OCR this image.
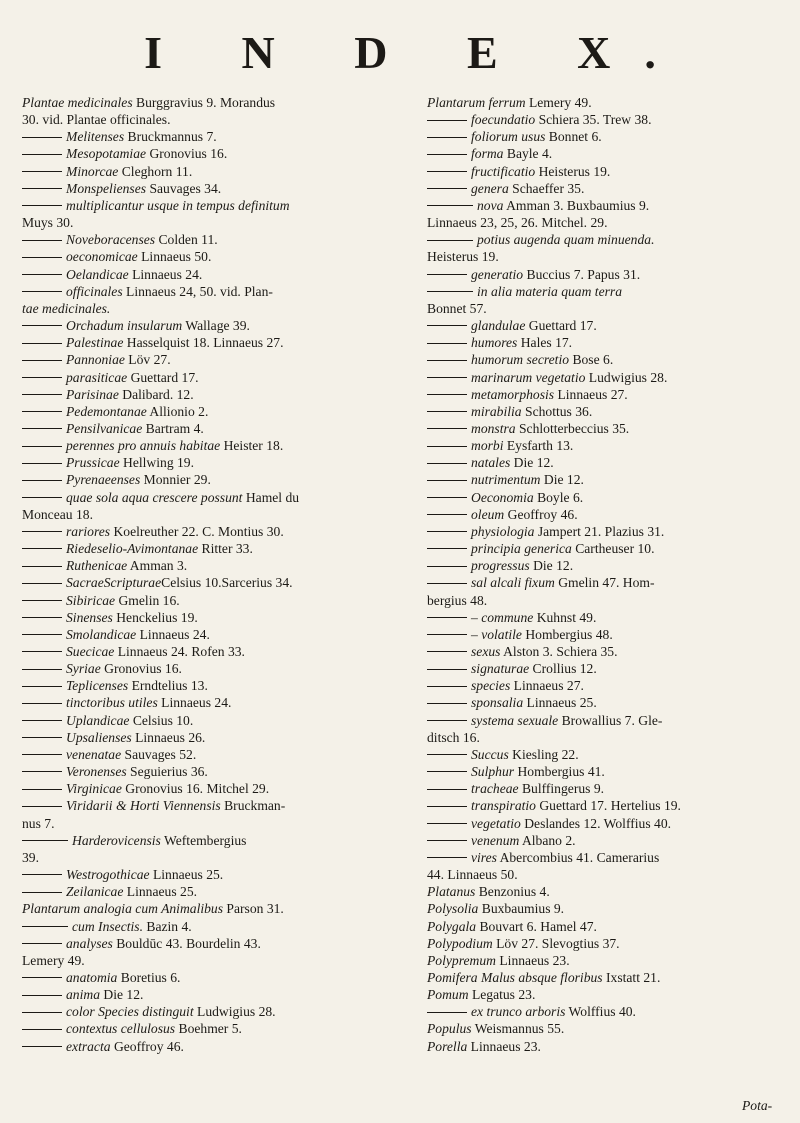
I N D E X.
Plantae medicinales Burggravius 9. Morandus
30. vid. Plantae officinales.
Melitenses Bruckmannus 7.
Mesopotamiae Gronovius 16.
Minorcae Cleghorn 11.
Monspelienses Sauvages 34.
multiplicantur usque in tempus definitum
Muys 30.
Noveboracenses Colden 11.
oeconomicae Linnaeus 50.
Oelandicae Linnaeus 24.
officinales Linnaeus 24, 50. vid. Plan-
tae medicinales.
Orchadum insularum Wallage 39.
Palestinae Hasselquist 18. Linnaeus 27.
Pannoniae Löv 27.
parasiticae Guettard 17.
Parisinae Dalibard. 12.
Pedemontanae Allionio 2.
Pensilvanicae Bartram 4.
perennes pro annuis habitae Heister 18.
Prussicae Hellwing 19.
Pyrenaeenses Monnier 29.
quae sola aqua crescere possunt Hamel du
Monceau 18.
rariores Koelreuther 22. C. Montius 30.
Riedeselio-Avimontanae Ritter 33.
Ruthenicae Amman 3.
SacraeScripturaeCelsius 10.Sarcerius 34.
Sibiricae Gmelin 16.
Sinenses Henckelius 19.
Smolandicae Linnaeus 24.
Suecicae Linnaeus 24. Rofen 33.
Syriae Gronovius 16.
Teplicenses Erndtelius 13.
tinctoribus utiles Linnaeus 24.
Uplandicae Celsius 10.
Upsalienses Linnaeus 26.
venenatae Sauvages 52.
Veronenses Seguierius 36.
Virginicae Gronovius 16. Mitchel 29.
Viridarii & Horti Viennensis Bruckman-
nus 7.
Harderovicensis Weftembergius
39.
Westrogothicae Linnaeus 25.
Zeilanicae Linnaeus 25.
Plantarum analogia cum Animalibus Parson 31.
cum Insectis. Bazin 4.
analyses Bouldūc 43. Bourdelin 43.
Lemery 49.
anatomia Boretius 6.
anima Die 12.
color Species distinguit Ludwigius 28.
contextus cellulosus Boehmer 5.
extracta Geoffroy 46.
Plantarum ferrum Lemery 49.
foecundatio Schiera 35. Trew 38.
foliorum usus Bonnet 6.
forma Bayle 4.
fructificatio Heisterus 19.
genera Schaeffer 35.
nova Amman 3. Buxbaumius 9.
Linnaeus 23, 25, 26. Mitchel. 29.
potius augenda quam minuenda.
Heisterus 19.
generatio Buccius 7. Papus 31.
in alia materia quam terra
Bonnet 57.
glandulae Guettard 17.
humores Hales 17.
humorum secretio Bose 6.
marinarum vegetatio Ludwigius 28.
metamorphosis Linnaeus 27.
mirabilia Schottus 36.
monstra Schlotterbeccius 35.
morbi Eysfarth 13.
natales Die 12.
nutrimentum Die 12.
Oeconomia Boyle 6.
oleum Geoffroy 46.
physiologia Jampert 21. Plazius 31.
principia generica Cartheuser 10.
progressus Die 12.
sal alcali fixum Gmelin 47. Hom-
bergius 48.
– commune Kuhnst 49.
– volatile Hombergius 48.
sexus Alston 3. Schiera 35.
signaturae Crollius 12.
species Linnaeus 27.
sponsalia Linnaeus 25.
systema sexuale Browallius 7. Gle-
ditsch 16.
Succus Kiesling 22.
Sulphur Hombergius 41.
tracheae Bulffingerus 9.
transpiratio Guettard 17. Hertelius 19.
vegetatio Deslandes 12. Wolffius 40.
venenum Albano 2.
vires Abercombius 41. Camerarius
44. Linnaeus 50.
Platanus Benzonius 4.
Polysolia Buxbaumius 9.
Polygala Bouvart 6. Hamel 47.
Polypodium Löv 27. Slevogtius 37.
Polypremum Linnaeus 23.
Pomifera Malus absque floribus Ixstatt 21.
Pomum Legatus 23.
ex trunco arboris Wolffius 40.
Populus Weismannus 55.
Porella Linnaeus 23.
Pota-
